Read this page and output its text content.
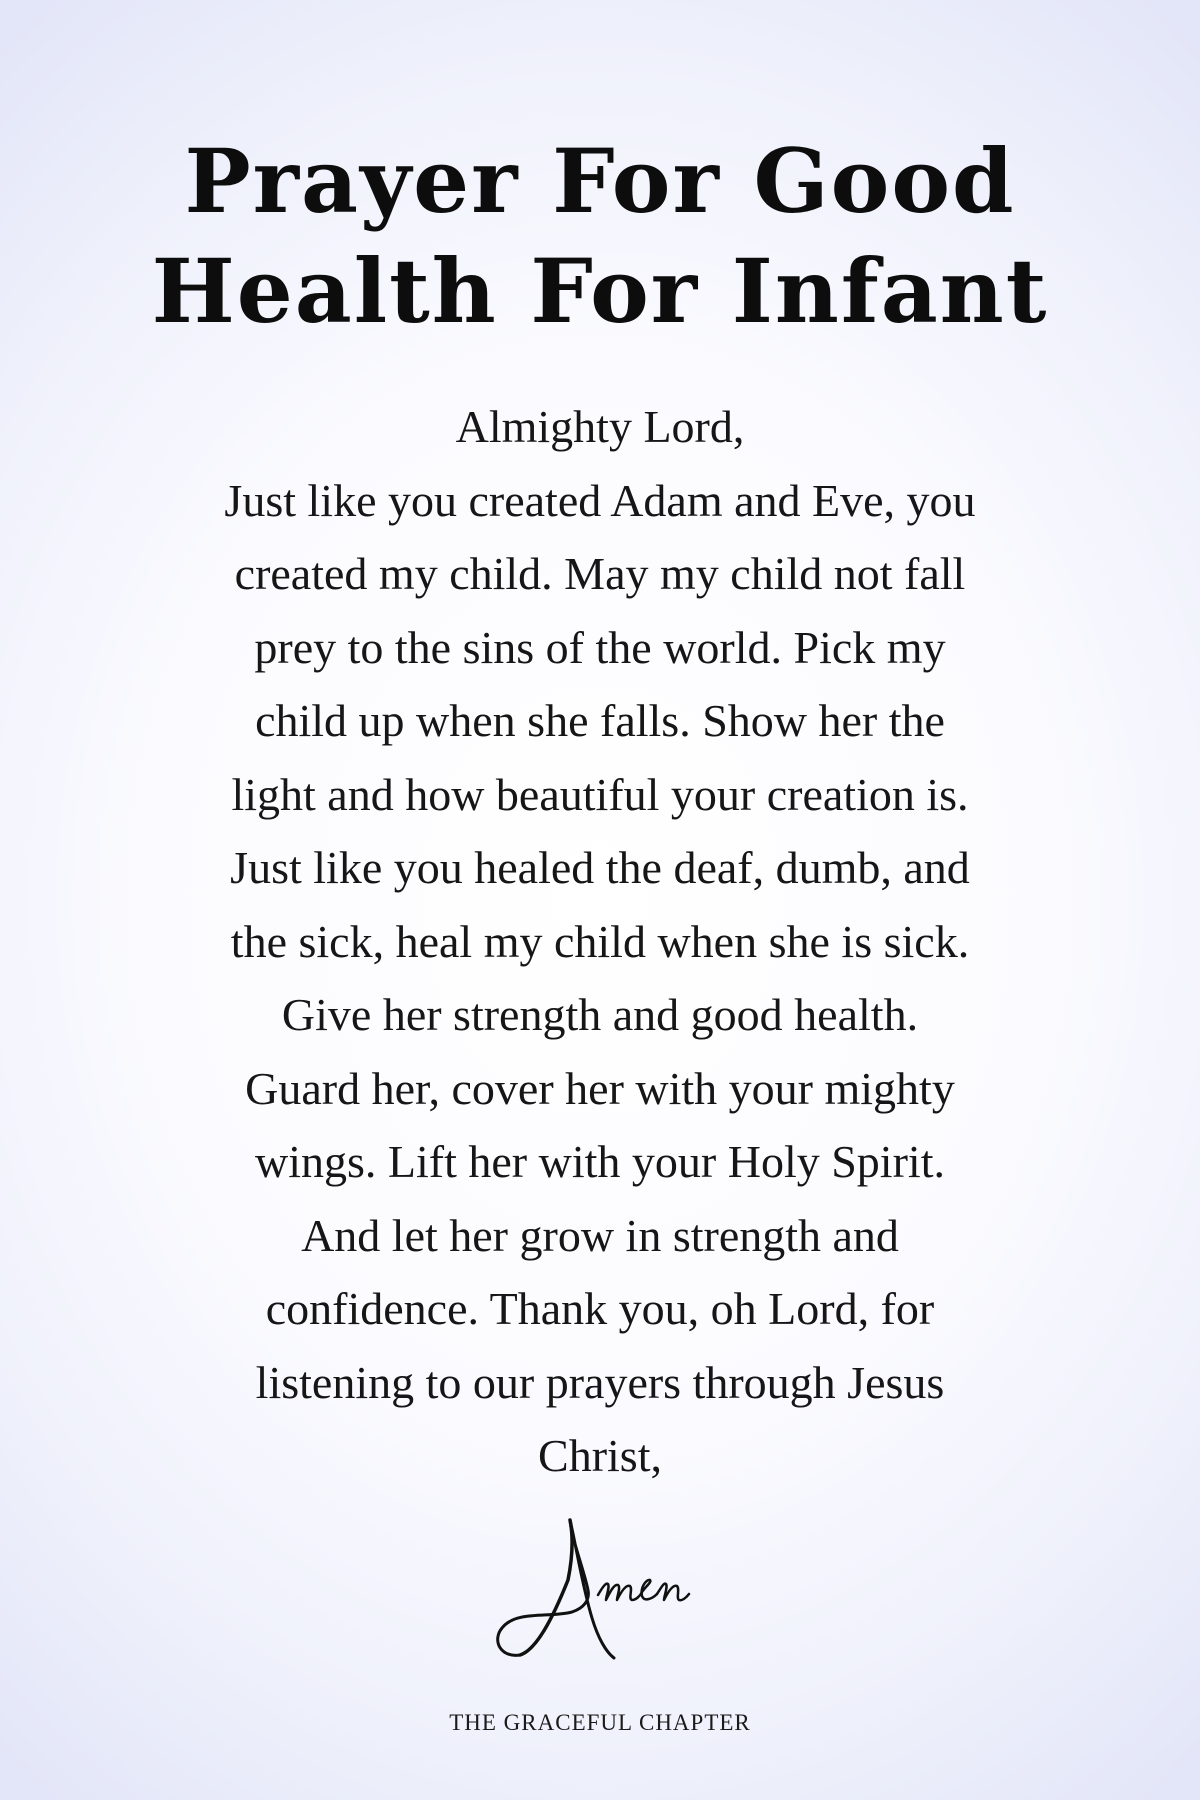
Prayer For Good
Health For Infant
Almighty Lord,
Just like you created Adam and Eve, you
created my child. May my child not fall
prey to the sins of the world. Pick my
child up when she falls. Show her the
light and how beautiful your creation is.
Just like you healed the deaf, dumb, and
the sick, heal my child when she is sick.
Give her strength and good health.
Guard her, cover her with your mighty
wings. Lift her with your Holy Spirit.
And let her grow in strength and
confidence. Thank you, oh Lord, for
listening to our prayers through Jesus
Christ,
THE GRACEFUL CHAPTER
